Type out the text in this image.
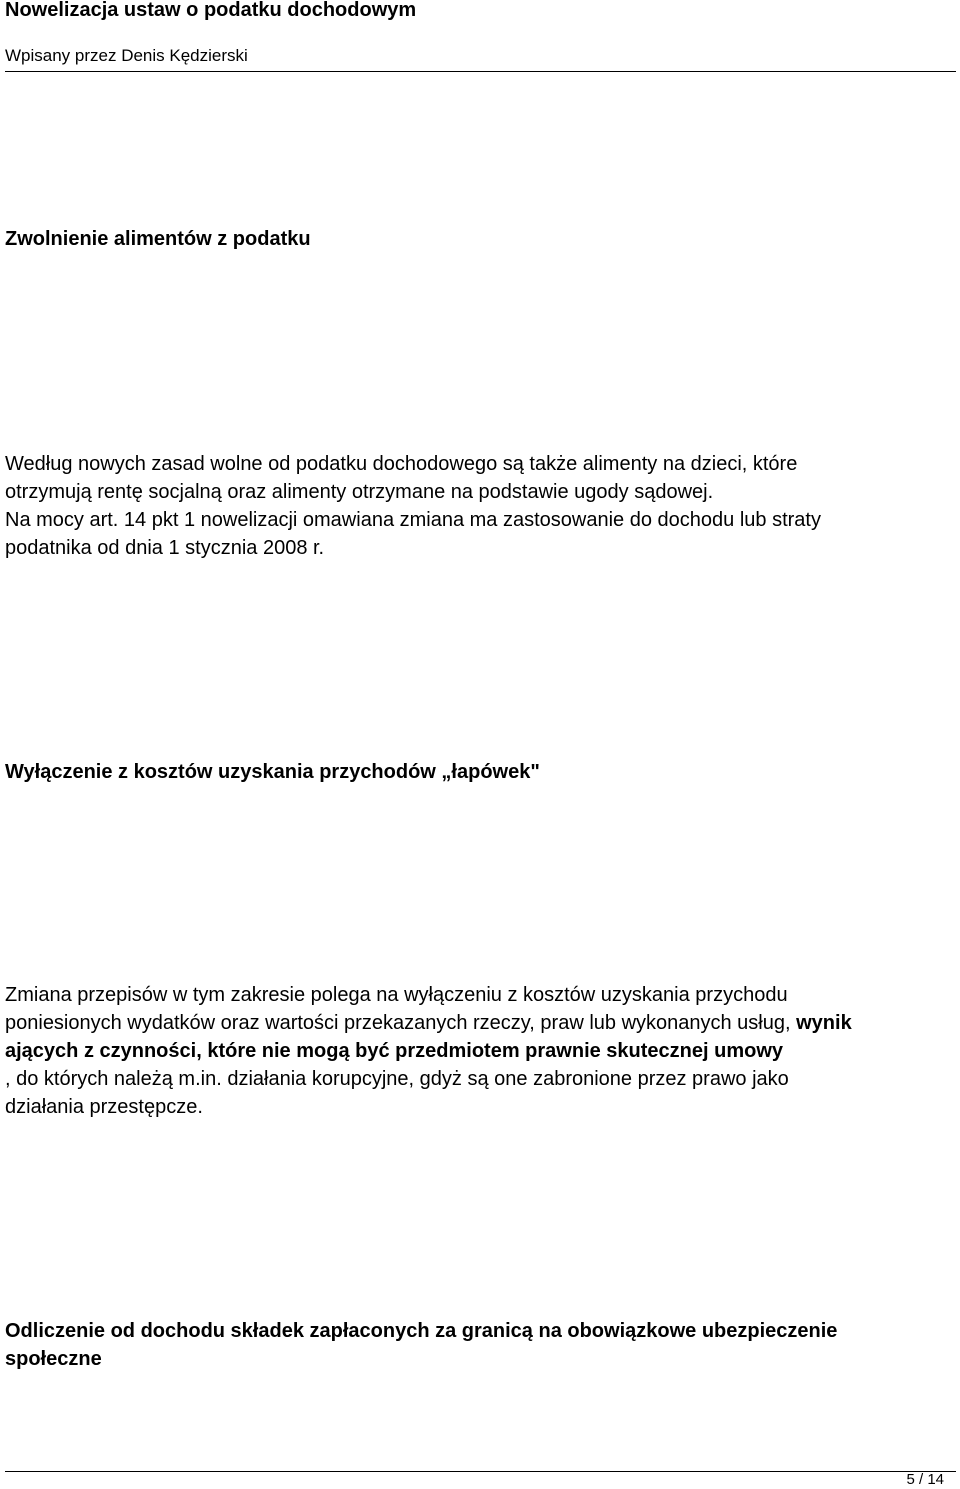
Nowelizacja ustaw o podatku dochodowym
Wpisany przez Denis Kędzierski
Zwolnienie alimentów z podatku
Według nowych zasad wolne od podatku dochodowego są także alimenty na dzieci, które
otrzymują rentę socjalną oraz alimenty otrzymane na podstawie ugody sądowej.
Na mocy art. 14 pkt 1 nowelizacji omawiana zmiana ma zastosowanie do dochodu lub straty
podatnika od dnia 1 stycznia 2008 r.
Wyłączenie z kosztów uzyskania przychodów „łapówek"
Zmiana przepisów w tym zakresie polega na wyłączeniu z kosztów uzyskania przychodu
poniesionych wydatków oraz wartości przekazanych rzeczy, praw lub wykonanych usług, wynik
ających z czynności, które nie mogą być przedmiotem prawnie skutecznej umowy
, do których należą m.in. działania korupcyjne, gdyż są one zabronione przez prawo jako
działania przestępcze.
Odliczenie od dochodu składek zapłaconych za granicą na obowiązkowe ubezpieczenie
społeczne
5 / 14
